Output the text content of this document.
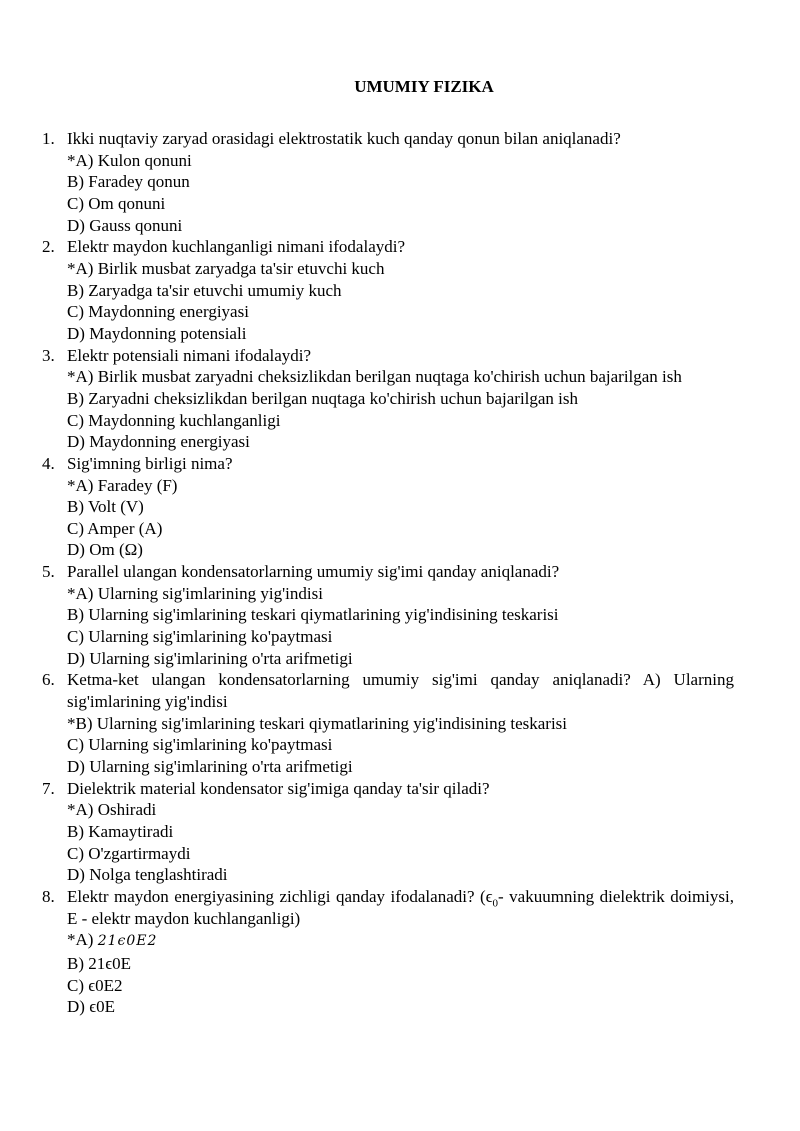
UMUMIY FIZIKA
1. Ikki nuqtaviy zaryad orasidagi elektrostatik kuch qanday qonun bilan aniqlanadi?
*A) Kulon qonuni
B) Faradey qonun
C) Om qonuni
D) Gauss qonuni
2. Elektr maydon kuchlanganligi nimani ifodalaydi?
*A) Birlik musbat zaryadga ta'sir etuvchi kuch
B) Zaryadga ta'sir etuvchi umumiy kuch
C) Maydonning energiyasi
D) Maydonning potensiali
3. Elektr potensiali nimani ifodalaydi?
*A) Birlik musbat zaryadni cheksizlikdan berilgan nuqtaga ko'chirish uchun bajarilgan ish
B) Zaryadni cheksizlikdan berilgan nuqtaga ko'chirish uchun bajarilgan ish
C) Maydonning kuchlanganligi
D) Maydonning energiyasi
4. Sig'imning birligi nima?
*A) Faradey (F)
B) Volt (V)
C) Amper (A)
D) Om (Ω)
5. Parallel ulangan kondensatorlarning umumiy sig'imi qanday aniqlanadi?
*A) Ularning sig'imlarining yig'indisi
B) Ularning sig'imlarining teskari qiymatlarining yig'indisining teskarisi
C) Ularning sig'imlarining ko'paytmasi
D) Ularning sig'imlarining o'rta arifmetigi
6. Ketma-ket ulangan kondensatorlarning umumiy sig'imi qanday aniqlanadi? A) Ularning sig'imlarining yig'indisi
*B) Ularning sig'imlarining teskari qiymatlarining yig'indisining teskarisi
C) Ularning sig'imlarining ko'paytmasi
D) Ularning sig'imlarining o'rta arifmetigi
7. Dielektrik material kondensator sig'imiga qanday ta'sir qiladi?
*A) Oshiradi
B) Kamaytiradi
C) O'zgartirmaydi
D) Nolga tenglashtiradi
8. Elektr maydon energiyasining zichligi qanday ifodalanadi? ($\epsilon_0-$ vakuumning dielektrik doimiysi, E - elektr maydon kuchlanganligi)
*A) 21ϵ0E2
B) 21ϵ0E
C) ϵ0E2
D) ϵ0E
